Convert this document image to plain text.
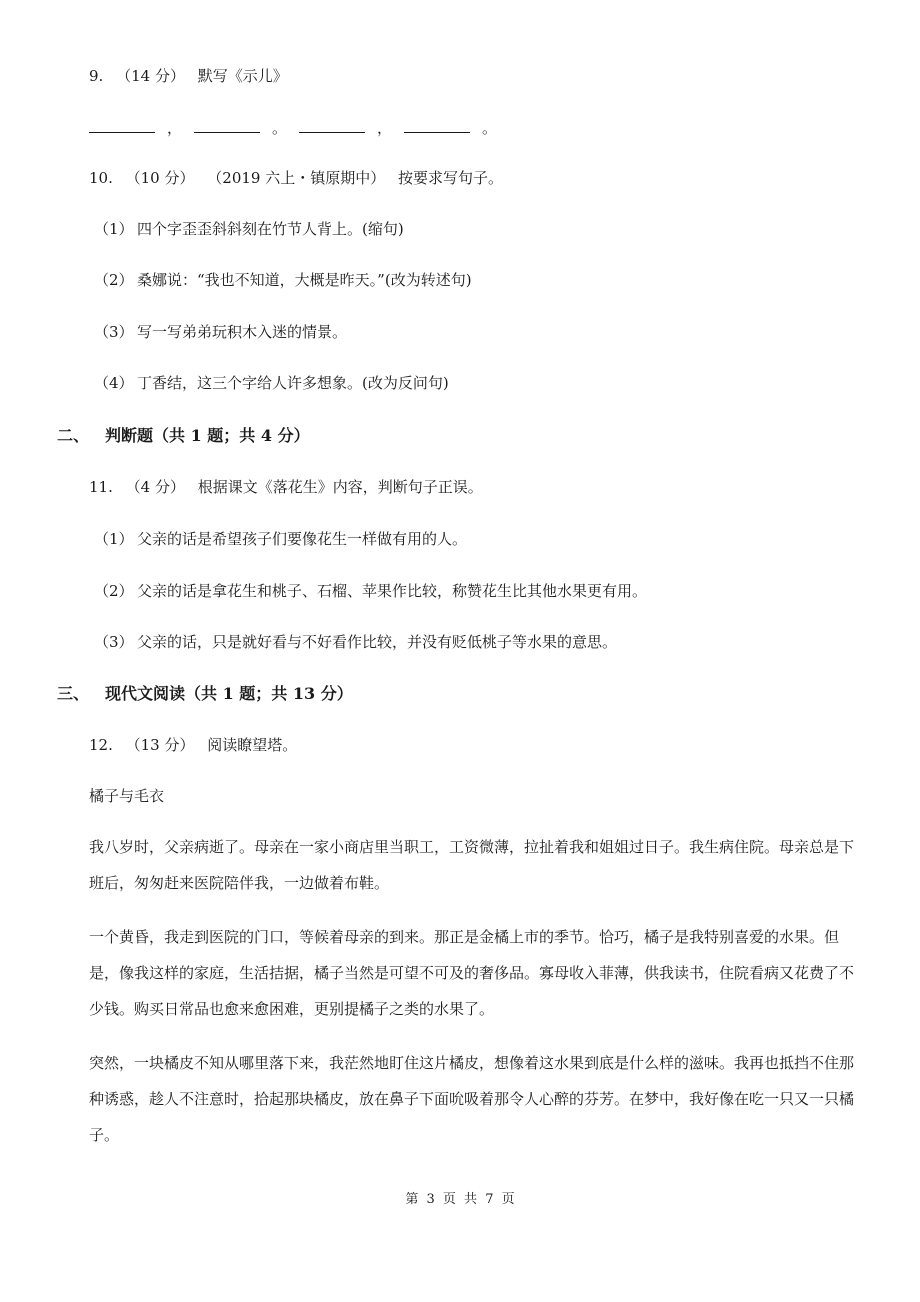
9. （14 分） 默写《示儿》
，	。	，	。
10. （10 分） （2019 六上・镇原期中） 按要求写句子。
（1） 四个字歪歪斜斜刻在竹节人背上。(缩句)
（2） 桑娜说：“我也不知道，大概是昨天。”(改为转述句)
（3） 写一写弟弟玩积木入迷的情景。
（4） 丁香结，这三个字给人许多想象。(改为反问句)
二、 判断题（共 1 题；共 4 分）
11. （4 分） 根据课文《落花生》内容，判断句子正误。
（1） 父亲的话是希望孩子们要像花生一样做有用的人。
（2） 父亲的话是拿花生和桃子、石榴、苹果作比较，称赞花生比其他水果更有用。
（3） 父亲的话，只是就好看与不好看作比较，并没有贬低桃子等水果的意思。
三、 现代文阅读（共 1 题；共 13 分）
12. （13 分） 阅读瞭望塔。
橘子与毛衣
我八岁时，父亲病逝了。母亲在一家小商店里当职工，工资微薄，拉扯着我和姐姐过日子。我生病住院。母亲总是下班后，匆匆赶来医院陪伴我，一边做着布鞋。
一个黄昏，我走到医院的门口，等候着母亲的到来。那正是金橘上市的季节。恰巧，橘子是我特别喜爱的水果。但是，像我这样的家庭，生活拮据，橘子当然是可望不可及的奢侈品。寡母收入菲薄，供我读书，住院看病又花费了不少钱。购买日常品也愈来愈困难，更别提橘子之类的水果了。
突然，一块橘皮不知从哪里落下来，我茫然地盯住这片橘皮，想像着这水果到底是什么样的滋味。我再也抵挡不住那种诱惑，趁人不注意时，拾起那块橘皮，放在鼻子下面吮吸着那令人心醉的芬芳。在梦中，我好像在吃一只又一只橘子。
第 3 页 共 7 页
